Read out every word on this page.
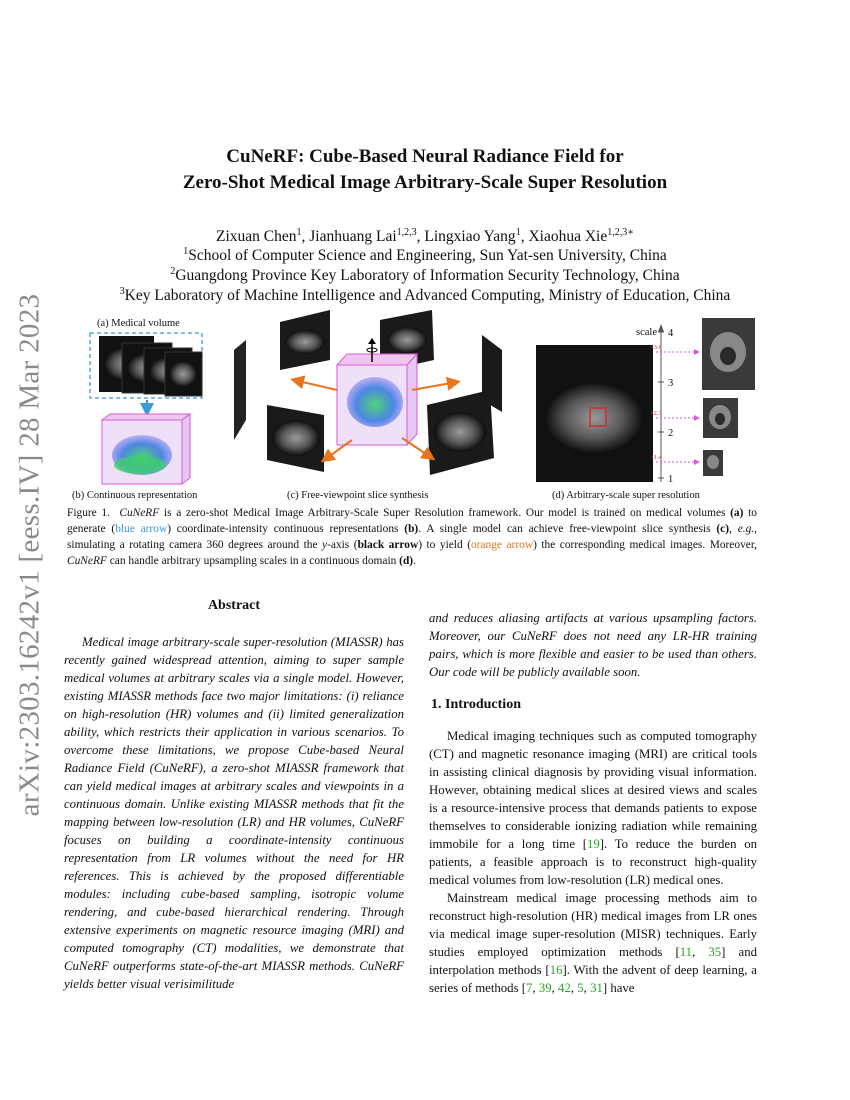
arXiv:2303.16242v1 [eess.IV] 28 Mar 2023
CuNeRF: Cube-Based Neural Radiance Field for
Zero-Shot Medical Image Arbitrary-Scale Super Resolution
Zixuan Chen$^1$, Jianhuang Lai$^{1,2,3}$, Lingxiao Yang$^1$, Xiaohua Xie$^{1,2,3∗}$
$^1$School of Computer Science and Engineering, Sun Yat-sen University, China
$^2$Guangdong Province Key Laboratory of Information Security Technology, China
$^3$Key Laboratory of Machine Intelligence and Advanced Computing, Ministry of Education, China
(a) Medical volume
(b) Continuous representation	(c) Free-viewpoint slice synthesis
scale 4
3
2
1
×3.6
×2.3
×1.4
(d) Arbitrary-scale super resolution
Figure 1. CuNeRF is a zero-shot Medical Image Arbitrary-Scale Super Resolution framework. Our model is trained on medical volumes (a) to generate (blue arrow) coordinate-intensity continuous representations (b). A single model can achieve free-viewpoint slice synthesis (c), e.g., simulating a rotating camera 360 degrees around the y-axis (black arrow) to yield (orange arrow) the corresponding medical images. Moreover, CuNeRF can handle arbitrary upsampling scales in a continuous domain (d).
Abstract

Medical image arbitrary-scale super-resolution (MIASSR) has recently gained widespread attention, aiming to super sample medical volumes at arbitrary scales via a single model. However, existing MIASSR methods face two major limitations: (i) reliance on high-resolution (HR) volumes and (ii) limited generalization ability, which restricts their application in various scenarios. To overcome these limitations, we propose Cube-based Neural Radiance Field (CuNeRF), a zero-shot MIASSR framework that can yield medical images at arbitrary scales and viewpoints in a continuous domain. Unlike existing MIASSR methods that fit the mapping between low-resolution (LR) and HR volumes, CuNeRF focuses on building a coordinate-intensity continuous representation from LR volumes without the need for HR references. This is achieved by the proposed differentiable modules: including cube-based sampling, isotropic volume rendering, and cube-based hierarchical rendering. Through extensive experiments on magnetic resource imaging (MRI) and computed tomography (CT) modalities, we demonstrate that CuNeRF outperforms state-of-the-art MIASSR methods. CuNeRF yields better visual verisimilitude

and reduces aliasing artifacts at various upsampling factors. Moreover, our CuNeRF does not need any LR-HR training pairs, which is more flexible and easier to be used than others. Our code will be publicly available soon.

1. Introduction

Medical imaging techniques such as computed tomography (CT) and magnetic resonance imaging (MRI) are critical tools in assisting clinical diagnosis by providing visual information. However, obtaining medical slices at desired views and scales is a resource-intensive process that demands patients to expose themselves to considerable ionizing radiation while remaining immobile for a long time [19]. To reduce the burden on patients, a feasible approach is to reconstruct high-quality medical volumes from low-resolution (LR) medical ones.

Mainstream medical image processing methods aim to reconstruct high-resolution (HR) medical images from LR ones via medical image super-resolution (MISR) techniques. Early studies employed optimization methods [11, 35] and interpolation methods [16]. With the advent of deep learning, a series of methods [7, 39, 42, 5, 31] have
